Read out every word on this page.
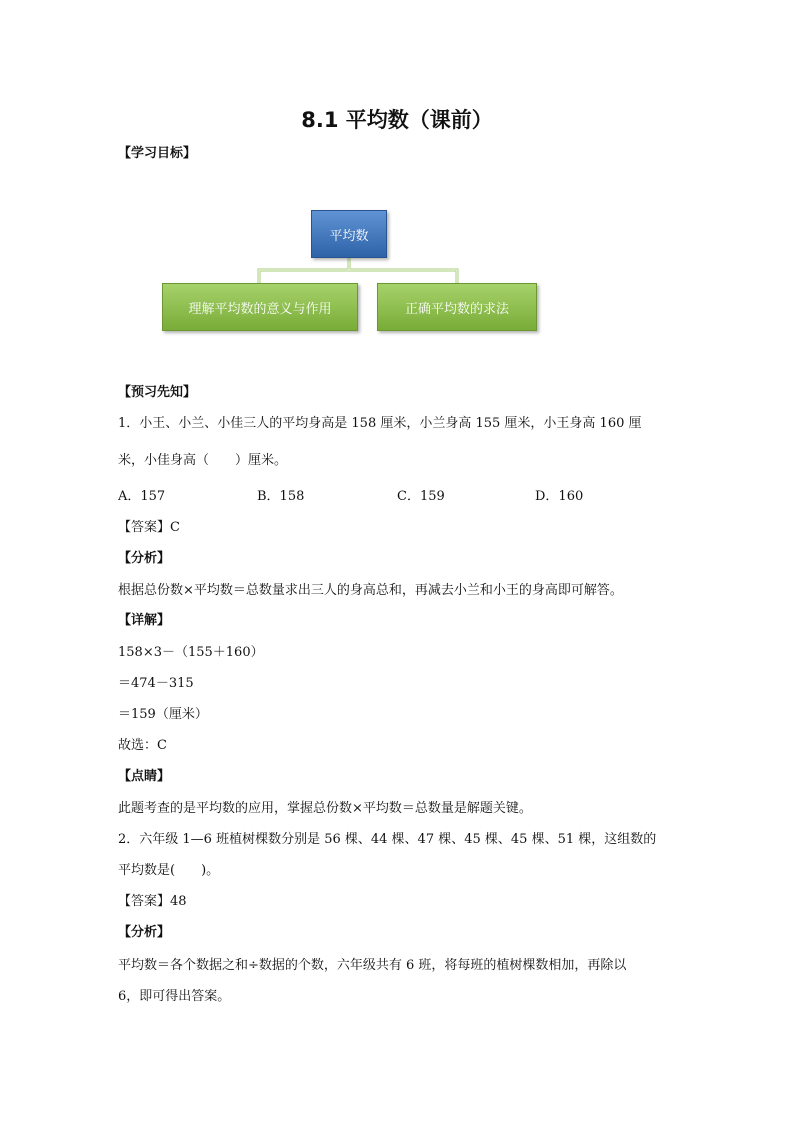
8.1 平均数（课前）
【学习目标】
平均数
理解平均数的意义与作用	正确平均数的求法
【预习先知】
1．小王、小兰、小佳三人的平均身高是 158 厘米，小兰身高 155 厘米，小王身高 160 厘
米，小佳身高（　　）厘米。
A．157	B．158	C．159	D．160
【答案】C
【分析】
根据总份数×平均数＝总数量求出三人的身高总和，再减去小兰和小王的身高即可解答。
【详解】
158×3－（155＋160）
＝474－315
＝159（厘米）
故选：C
【点睛】
此题考查的是平均数的应用，掌握总份数×平均数＝总数量是解题关键。
2．六年级 1—6 班植树棵数分别是 56 棵、44 棵、47 棵、45 棵、45 棵、51 棵，这组数的
平均数是(　　)。
【答案】48
【分析】
平均数＝各个数据之和÷数据的个数，六年级共有 6 班，将每班的植树棵数相加，再除以
6，即可得出答案。
